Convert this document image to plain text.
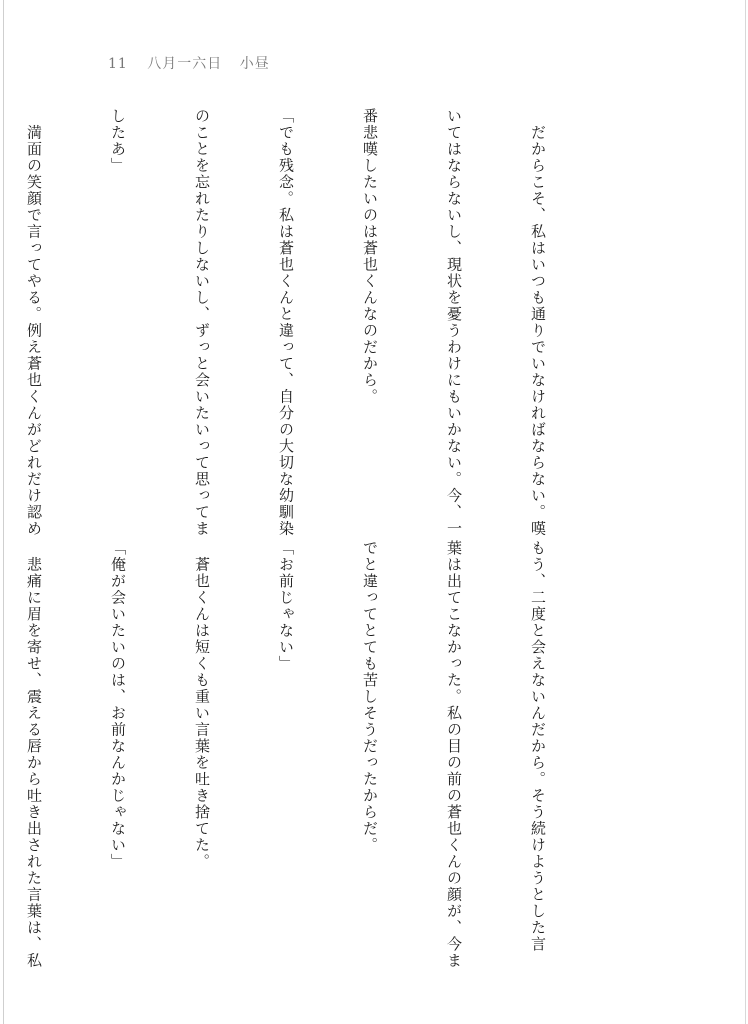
11 八月一六日 小昼

　だからこそ、私はいつも通りでいなければならない。嘆

いてはならないし、現状を憂うわけにもいかない。今、一

番悲嘆したいのは蒼也くんなのだから。

「でも残念。私は蒼也くんと違って、自分の大切な幼馴染

のことを忘れたりしないし、ずっと会いたいって思ってま

したあ」

　満面の笑顔で言ってやる。例え蒼也くんがどれだけ認め

もう、二度と会えないんだから。そう続けようとした言

葉は出てこなかった。私の目の前の蒼也くんの顔が、今ま

でと違ってとても苦しそうだったからだ。

「お前じゃない」

　蒼也くんは短くも重い言葉を吐き捨てた。

「俺が会いたいのは、お前なんかじゃない」

　悲痛に眉を寄せ、震える唇から吐き出された言葉は、私
